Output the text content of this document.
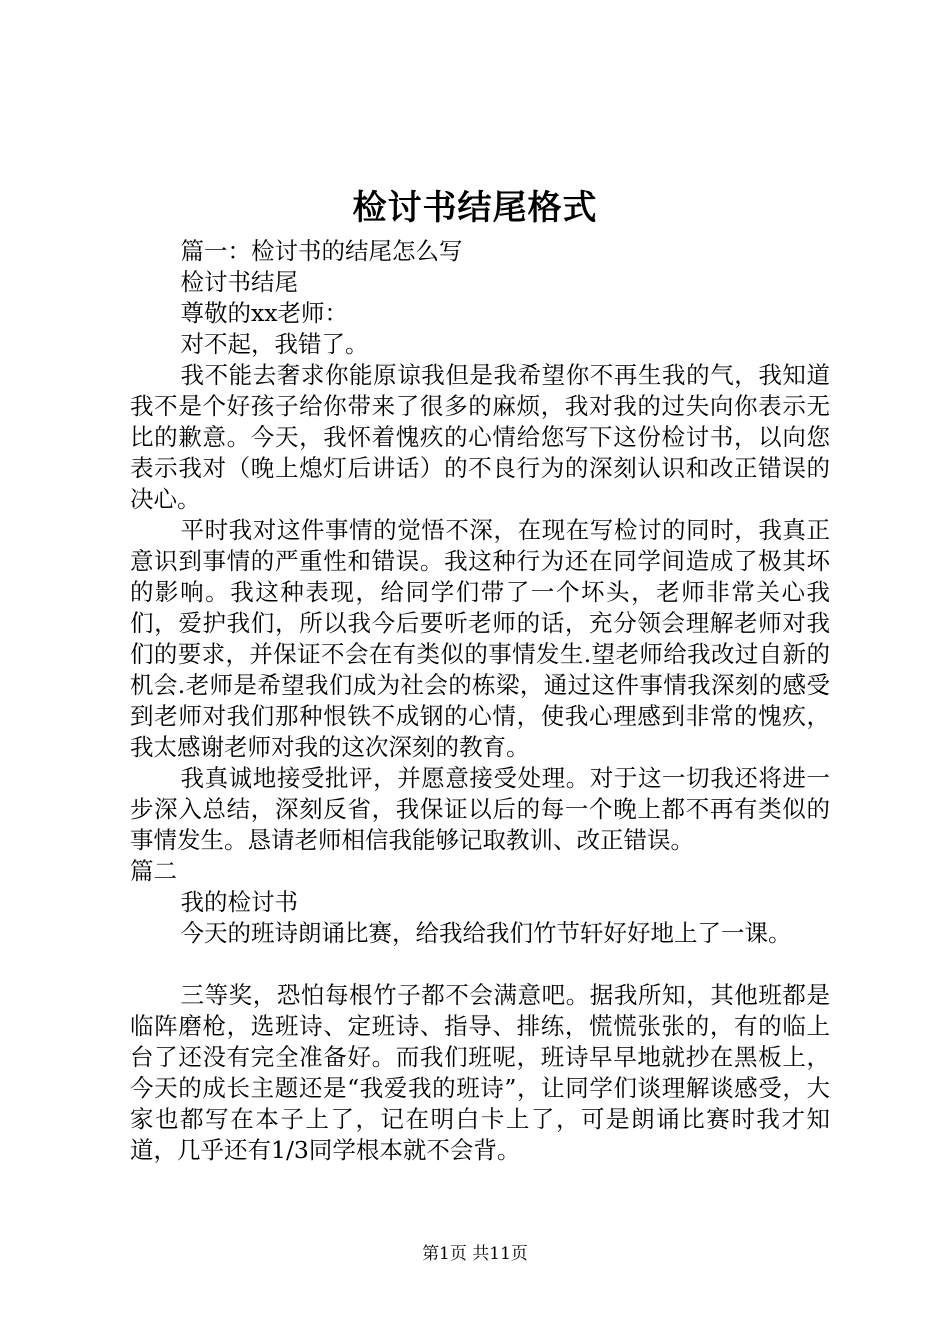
检讨书结尾格式
篇一：检讨书的结尾怎么写
检讨书结尾
尊敬的xx老师：
对不起，我错了。
我不能去奢求你能原谅我但是我希望你不再生我的气，我知道我不是个好孩子给你带来了很多的麻烦，我对我的过失向你表示无比的歉意。今天，我怀着愧疚的心情给您写下这份检讨书，以向您表示我对（晚上熄灯后讲话）的不良行为的深刻认识和改正错误的决心。
平时我对这件事情的觉悟不深，在现在写检讨的同时，我真正意识到事情的严重性和错误。我这种行为还在同学间造成了极其坏的影响。我这种表现，给同学们带了一个坏头，老师非常关心我们，爱护我们，所以我今后要听老师的话，充分领会理解老师对我们的要求，并保证不会在有类似的事情发生.望老师给我改过自新的机会.老师是希望我们成为社会的栋梁，通过这件事情我深刻的感受到老师对我们那种恨铁不成钢的心情，使我心理感到非常的愧疚，我太感谢老师对我的这次深刻的教育。
我真诚地接受批评，并愿意接受处理。对于这一切我还将进一步深入总结，深刻反省，我保证以后的每一个晚上都不再有类似的事情发生。恳请老师相信我能够记取教训、改正错误。
篇二
我的检讨书
今天的班诗朗诵比赛，给我给我们竹节轩好好地上了一课。
三等奖，恐怕每根竹子都不会满意吧。据我所知，其他班都是临阵磨枪，选班诗、定班诗、指导、排练，慌慌张张的，有的临上台了还没有完全准备好。而我们班呢，班诗早早地就抄在黑板上，今天的成长主题还是“我爱我的班诗”，让同学们谈理解谈感受，大家也都写在本子上了，记在明白卡上了，可是朗诵比赛时我才知道，几乎还有1/3同学根本就不会背。
第1页 共11页
